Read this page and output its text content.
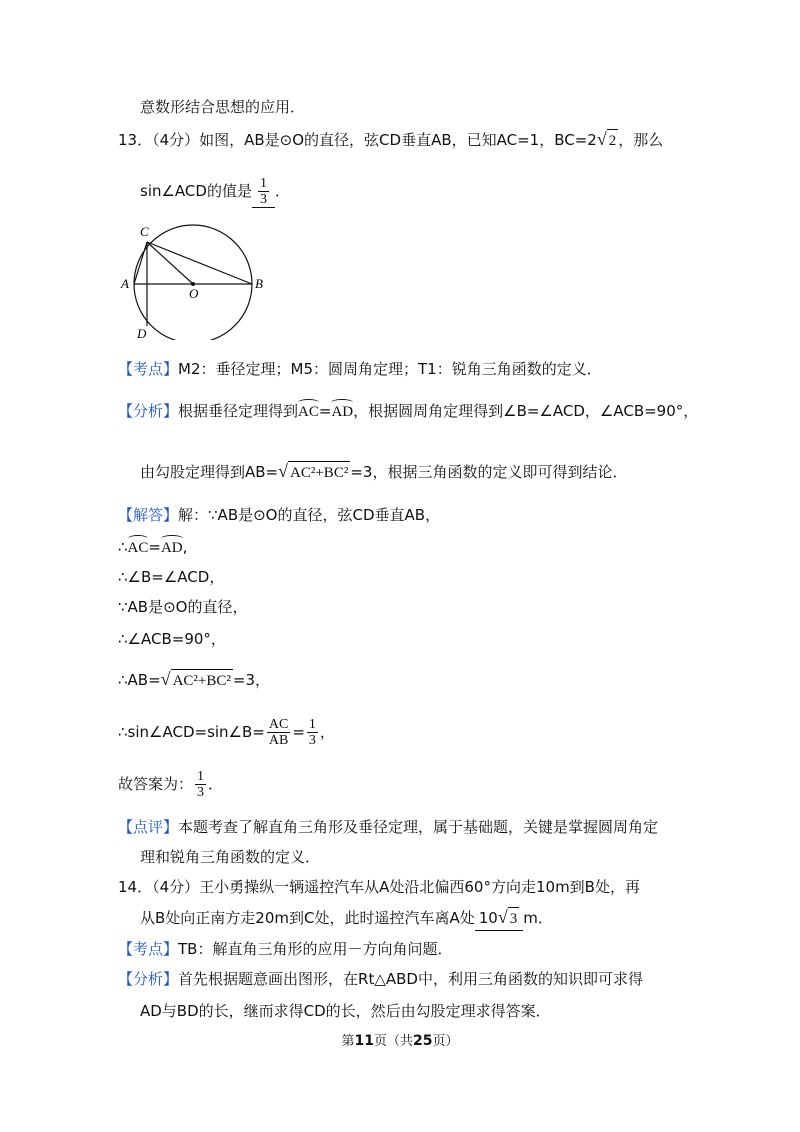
意数形结合思想的应用．
13．（4分）如图，AB是⊙O的直径，弦CD垂直AB，已知AC=1，BC=2√ 2 ，那么
sin∠ACD的值是 $\frac{1}{3}$ ．
C
A
O
B
D
【考点】M2：垂径定理；M5：圆周角定理；T1：锐角三角函数的定义．
【分析】根据垂径定理得到AC=AD，根据圆周角定理得到∠B=∠ACD，∠ACB=90°，
由勾股定理得到AB=√ AC²+BC² =3，根据三角函数的定义即可得到结论．
【解答】解：∵AB是⊙O的直径，弦CD垂直AB，
∴AC=AD,
∴∠B=∠ACD，
∵AB是⊙O的直径，
∴∠ACB=90°，
∴AB=√ AC²+BC² =3，
∴sin∠ACD=sin∠B= $\frac{AC}{AB} = \frac{1}{3}$ ，
故答案为： $\frac{1}{3}$ ．
【点评】本题考查了解直角三角形及垂径定理，属于基础题，关键是掌握圆周角定
理和锐角三角函数的定义．
14．（4分）王小勇操纵一辆遥控汽车从A处沿北偏西60°方向走10m到B处，再
从B处向正南方走20m到C处，此时遥控汽车离A处 10√ 3 m．
【考点】TB：解直角三角形的应用－方向角问题．
【分析】首先根据题意画出图形，在Rt△ABD中，利用三角函数的知识即可求得
AD与BD的长，继而求得CD的长，然后由勾股定理求得答案．
第11页（共25页）
